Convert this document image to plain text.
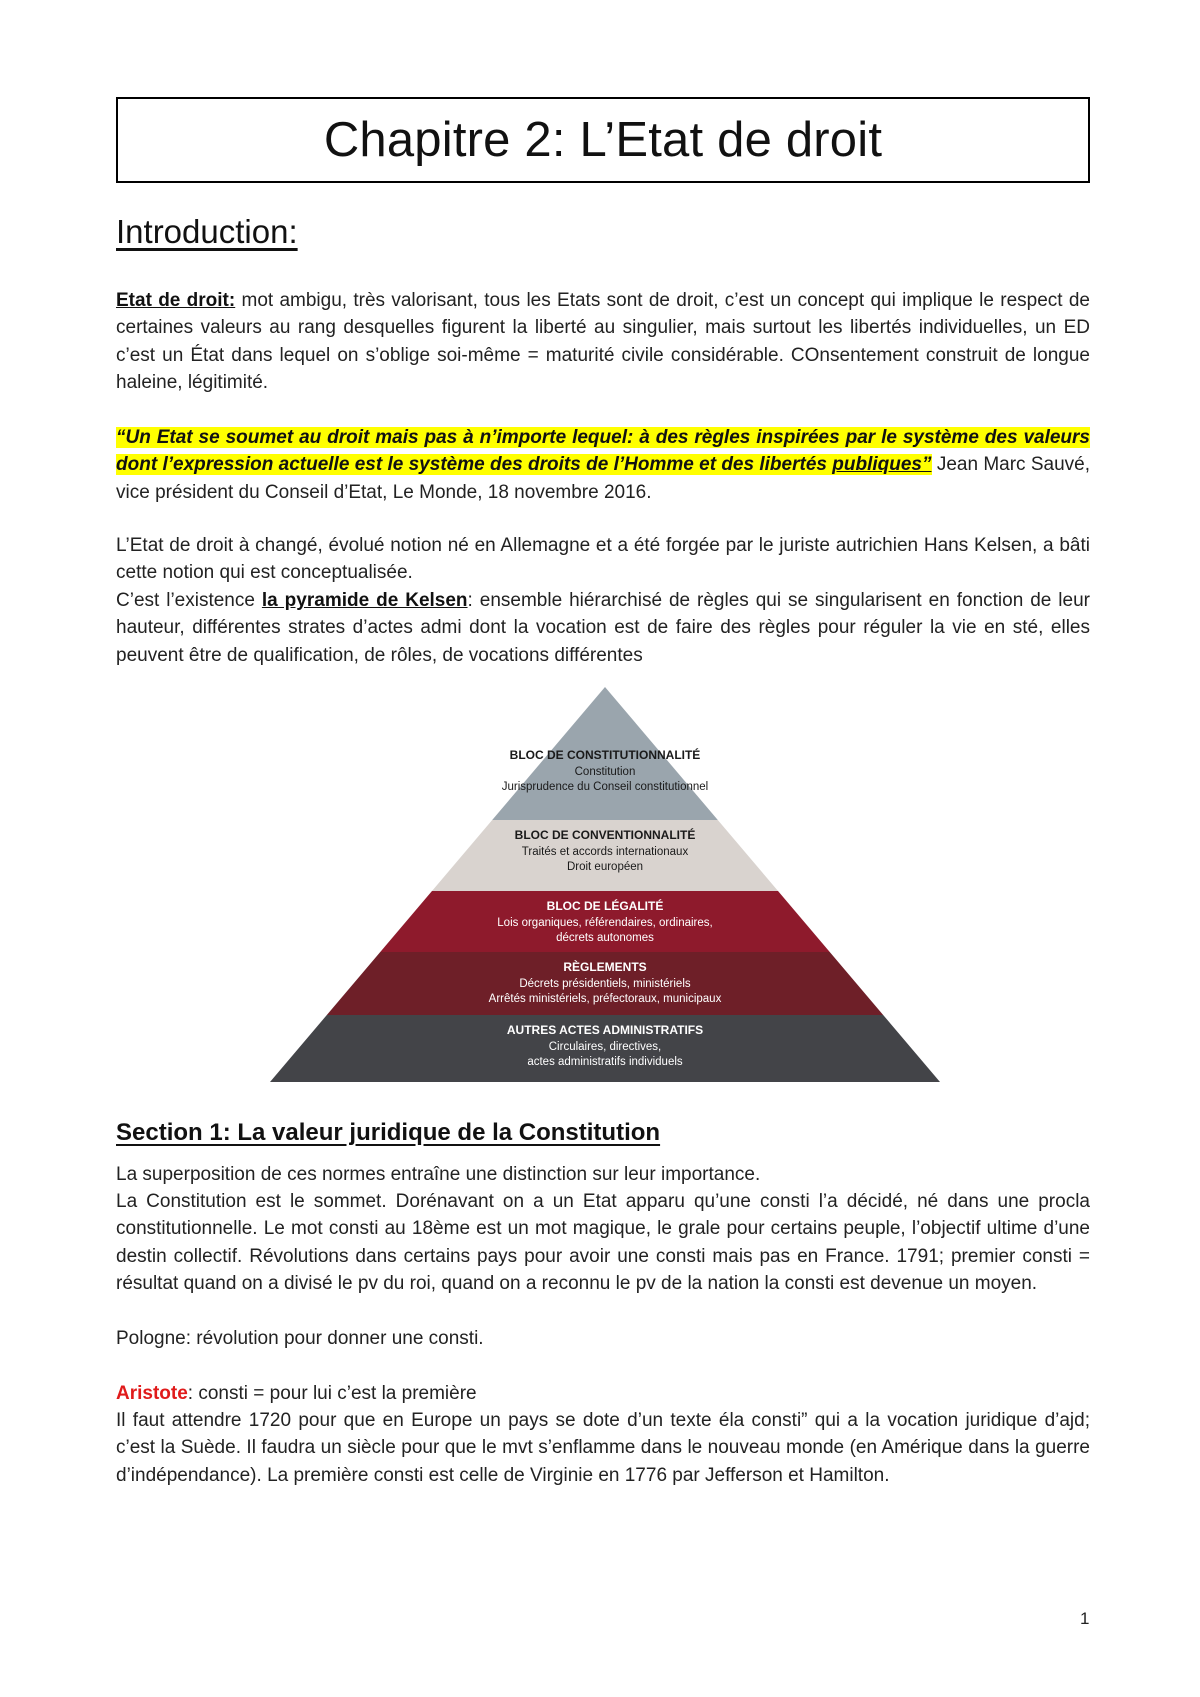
Chapitre 2: L’Etat de droit
Introduction:

Etat de droit: mot ambigu, très valorisant, tous les Etats sont de droit, c’est un concept qui implique le respect de certaines valeurs au rang desquelles figurent la liberté au singulier, mais surtout les libertés individuelles, un ED c’est un État dans lequel on s’oblige soi-même = maturité civile considérable. COnsentement construit de longue haleine, légitimité.

“Un Etat se soumet au droit mais pas à n’importe lequel: à des règles inspirées par le système des valeurs dont l’expression actuelle est le système des droits de l’Homme et des libertés publiques” Jean Marc Sauvé, vice président du Conseil d’Etat, Le Monde, 18 novembre 2016.

L’Etat de droit à changé, évolué notion né en Allemagne et a été forgée par le juriste autrichien Hans Kelsen, a bâti cette notion qui est conceptualisée.

C’est l’existence la pyramide de Kelsen: ensemble hiérarchisé de règles qui se singularisent en fonction de leur hauteur, différentes strates d’actes admi dont la vocation est de faire des règles pour réguler la vie en sté, elles peuvent être de qualification, de rôles, de vocations différentes

BLOC DE CONSTITUTIONNALITÉ
Constitution
Jurisprudence du Conseil constitutionnel
BLOC DE CONVENTIONNALITÉ
Traités et accords internationaux
Droit européen
BLOC DE LÉGALITÉ
Lois organiques, référendaires, ordinaires,
décrets autonomes
RÈGLEMENTS
Décrets présidentiels, ministériels
Arrêtés ministériels, préfectoraux, municipaux
AUTRES ACTES ADMINISTRATIFS
Circulaires, directives,
actes administratifs individuels
Section 1: La valeur juridique de la Constitution

La superposition de ces normes entraîne une distinction sur leur importance.

La Constitution est le sommet. Dorénavant on a un Etat apparu qu’une consti l’a décidé, né dans une procla constitutionnelle. Le mot consti au 18ème est un mot magique, le grale pour certains peuple, l’objectif ultime d’une destin collectif. Révolutions dans certains pays pour avoir une consti mais pas en France. 1791; premier consti = résultat quand on a divisé le pv du roi, quand on a reconnu le pv de la nation la consti est devenue un moyen.

Pologne: révolution pour donner une consti.

Aristote: consti = pour lui c’est la première

Il faut attendre 1720 pour que en Europe un pays se dote d’un texte éla consti” qui a la vocation juridique d’ajd; c’est la Suède. Il faudra un siècle pour que le mvt s’enflamme dans le nouveau monde (en Amérique dans la guerre d’indépendance). La première consti est celle de Virginie en 1776 par Jefferson et Hamilton.

1
